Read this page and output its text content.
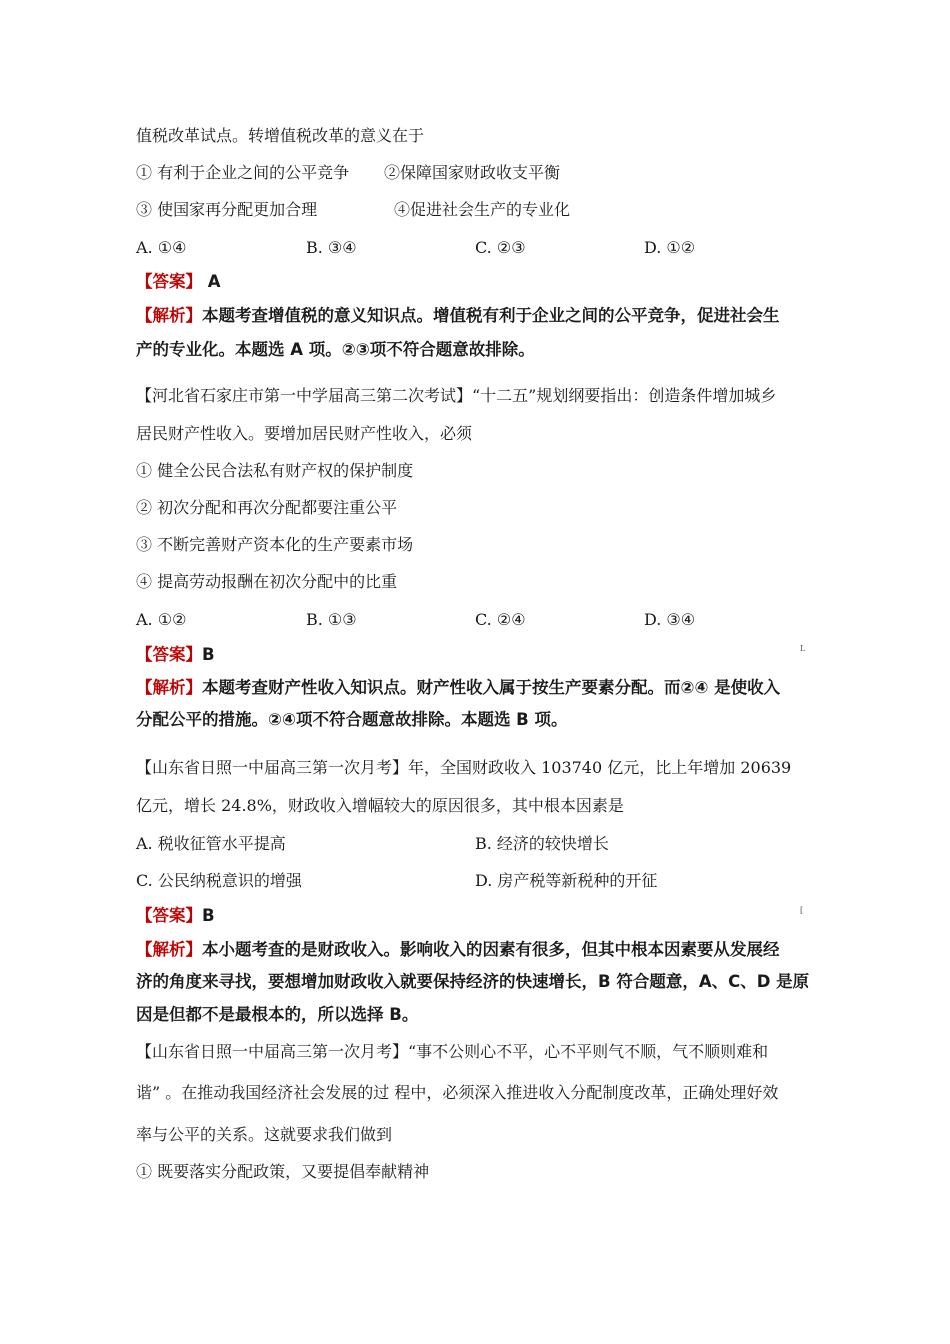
值税改革试点。转增值税改革的意义在于
① 有利于企业之间的公平竞争 ②保障国家财政收支平衡
③ 使国家再分配更加合理	④促进社会生产的专业化
A. ①④	B. ③④	C. ②③	D. ①②
【答案】 A
【解析】本题考查增值税的意义知识点。增值税有利于企业之间的公平竞争，促进社会生
产的专业化。本题选 A 项。②③项不符合题意故排除。
【河北省石家庄市第一中学届高三第二次考试】“十二五”规划纲要指出：创造条件增加城乡
居民财产性收入。要增加居民财产性收入，必须
① 健全公民合法私有财产权的保护制度
② 初次分配和再次分配都要注重公平
③ 不断完善财产资本化的生产要素市场
④ 提高劳动报酬在初次分配中的比重
A. ①②	B. ①③	C. ②④	D. ③④
【答案】B	L
【解析】本题考查财产性收入知识点。财产性收入属于按生产要素分配。而②④ 是使收入
分配公平的措施。②④项不符合题意故排除。本题选 B 项。
【山东省日照一中届高三第一次月考】年，全国财政收入 103740 亿元，比上年增加 20639
亿元，增长 24.8%，财政收入增幅较大的原因很多，其中根本因素是
A. 税收征管水平提高	B. 经济的较快增长
C. 公民纳税意识的增强	D. 房产税等新税种的开征
【答案】B	[
【解析】本小题考查的是财政收入。影响收入的因素有很多，但其中根本因素要从发展经
济的角度来寻找，要想增加财政收入就要保持经济的快速增长，B 符合题意，A、C、D 是原
因是但都不是最根本的，所以选择 B。
【山东省日照一中届高三第一次月考】“事不公则心不平，心不平则气不顺，气不顺则难和
谐” 。在推动我国经济社会发展的过 程中，必须深入推进收入分配制度改革，正确处理好效
率与公平的关系。这就要求我们做到
① 既要落实分配政策，又要提倡奉献精神
